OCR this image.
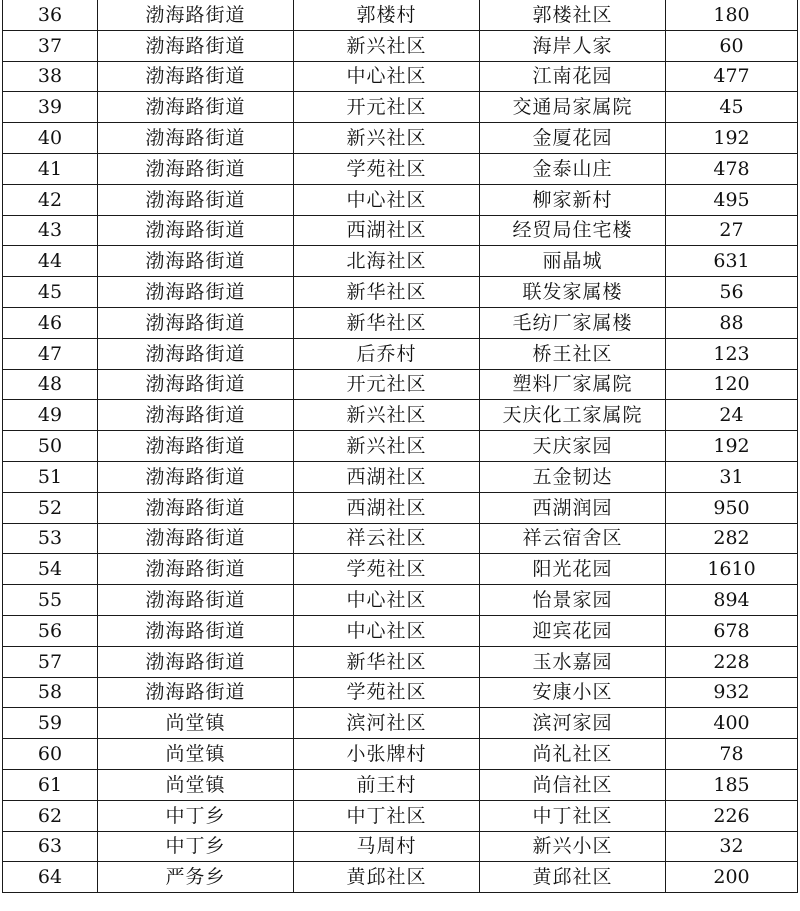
36	渤海路街道	郭楼村	郭楼社区	180
37	渤海路街道	新兴社区	海岸人家	60
38	渤海路街道	中心社区	江南花园	477
39	渤海路街道	开元社区	交通局家属院	45
40	渤海路街道	新兴社区	金厦花园	192
41	渤海路街道	学苑社区	金泰山庄	478
42	渤海路街道	中心社区	柳家新村	495
43	渤海路街道	西湖社区	经贸局住宅楼	27
44	渤海路街道	北海社区	丽晶城	631
45	渤海路街道	新华社区	联发家属楼	56
46	渤海路街道	新华社区	毛纺厂家属楼	88
47	渤海路街道	后乔村	桥王社区	123
48	渤海路街道	开元社区	塑料厂家属院	120
49	渤海路街道	新兴社区	天庆化工家属院	24
50	渤海路街道	新兴社区	天庆家园	192
51	渤海路街道	西湖社区	五金韧达	31
52	渤海路街道	西湖社区	西湖润园	950
53	渤海路街道	祥云社区	祥云宿舍区	282
54	渤海路街道	学苑社区	阳光花园	1610
55	渤海路街道	中心社区	怡景家园	894
56	渤海路街道	中心社区	迎宾花园	678
57	渤海路街道	新华社区	玉水嘉园	228
58	渤海路街道	学苑社区	安康小区	932
59	尚堂镇	滨河社区	滨河家园	400
60	尚堂镇	小张牌村	尚礼社区	78
61	尚堂镇	前王村	尚信社区	185
62	中丁乡	中丁社区	中丁社区	226
63	中丁乡	马周村	新兴小区	32
64	严务乡	黄邱社区	黄邱社区	200
